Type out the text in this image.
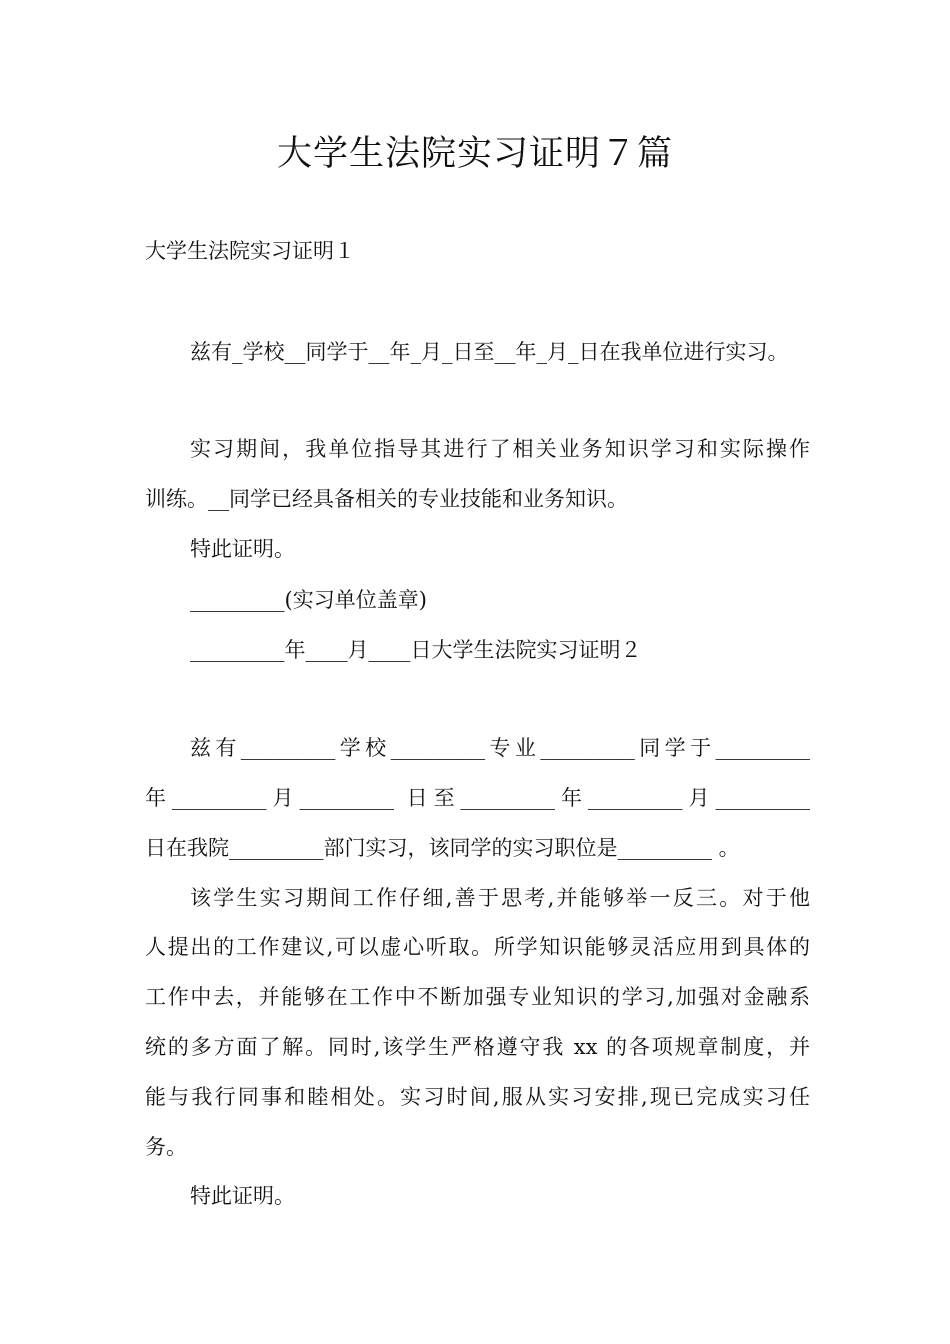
大学生法院实习证明７篇

大学生法院实习证明１

兹有_学校__同学于__年_月_日至__年_月_日在我单位进行实习。

实习期间，我单位指导其进行了相关业务知识学习和实际操作

训练。__同学已经具备相关的专业技能和业务知识。

特此证明。

_________(实习单位盖章)

_________年____月____日大学生法院实习证明２

兹有_________学校_________专业_________同学于_________

年_________月_________ 日至_________年_________月_________

日在我院_________部门实习，该同学的实习职位是_________ 。

该学生实习期间工作仔细,善于思考,并能够举一反三。对于他

人提出的工作建议,可以虚心听取。所学知识能够灵活应用到具体的

工作中去，并能够在工作中不断加强专业知识的学习,加强对金融系

统的多方面了解。同时,该学生严格遵守我 xx 的各项规章制度，并

能与我行同事和睦相处。实习时间,服从实习安排,现已完成实习任

务。

特此证明。
